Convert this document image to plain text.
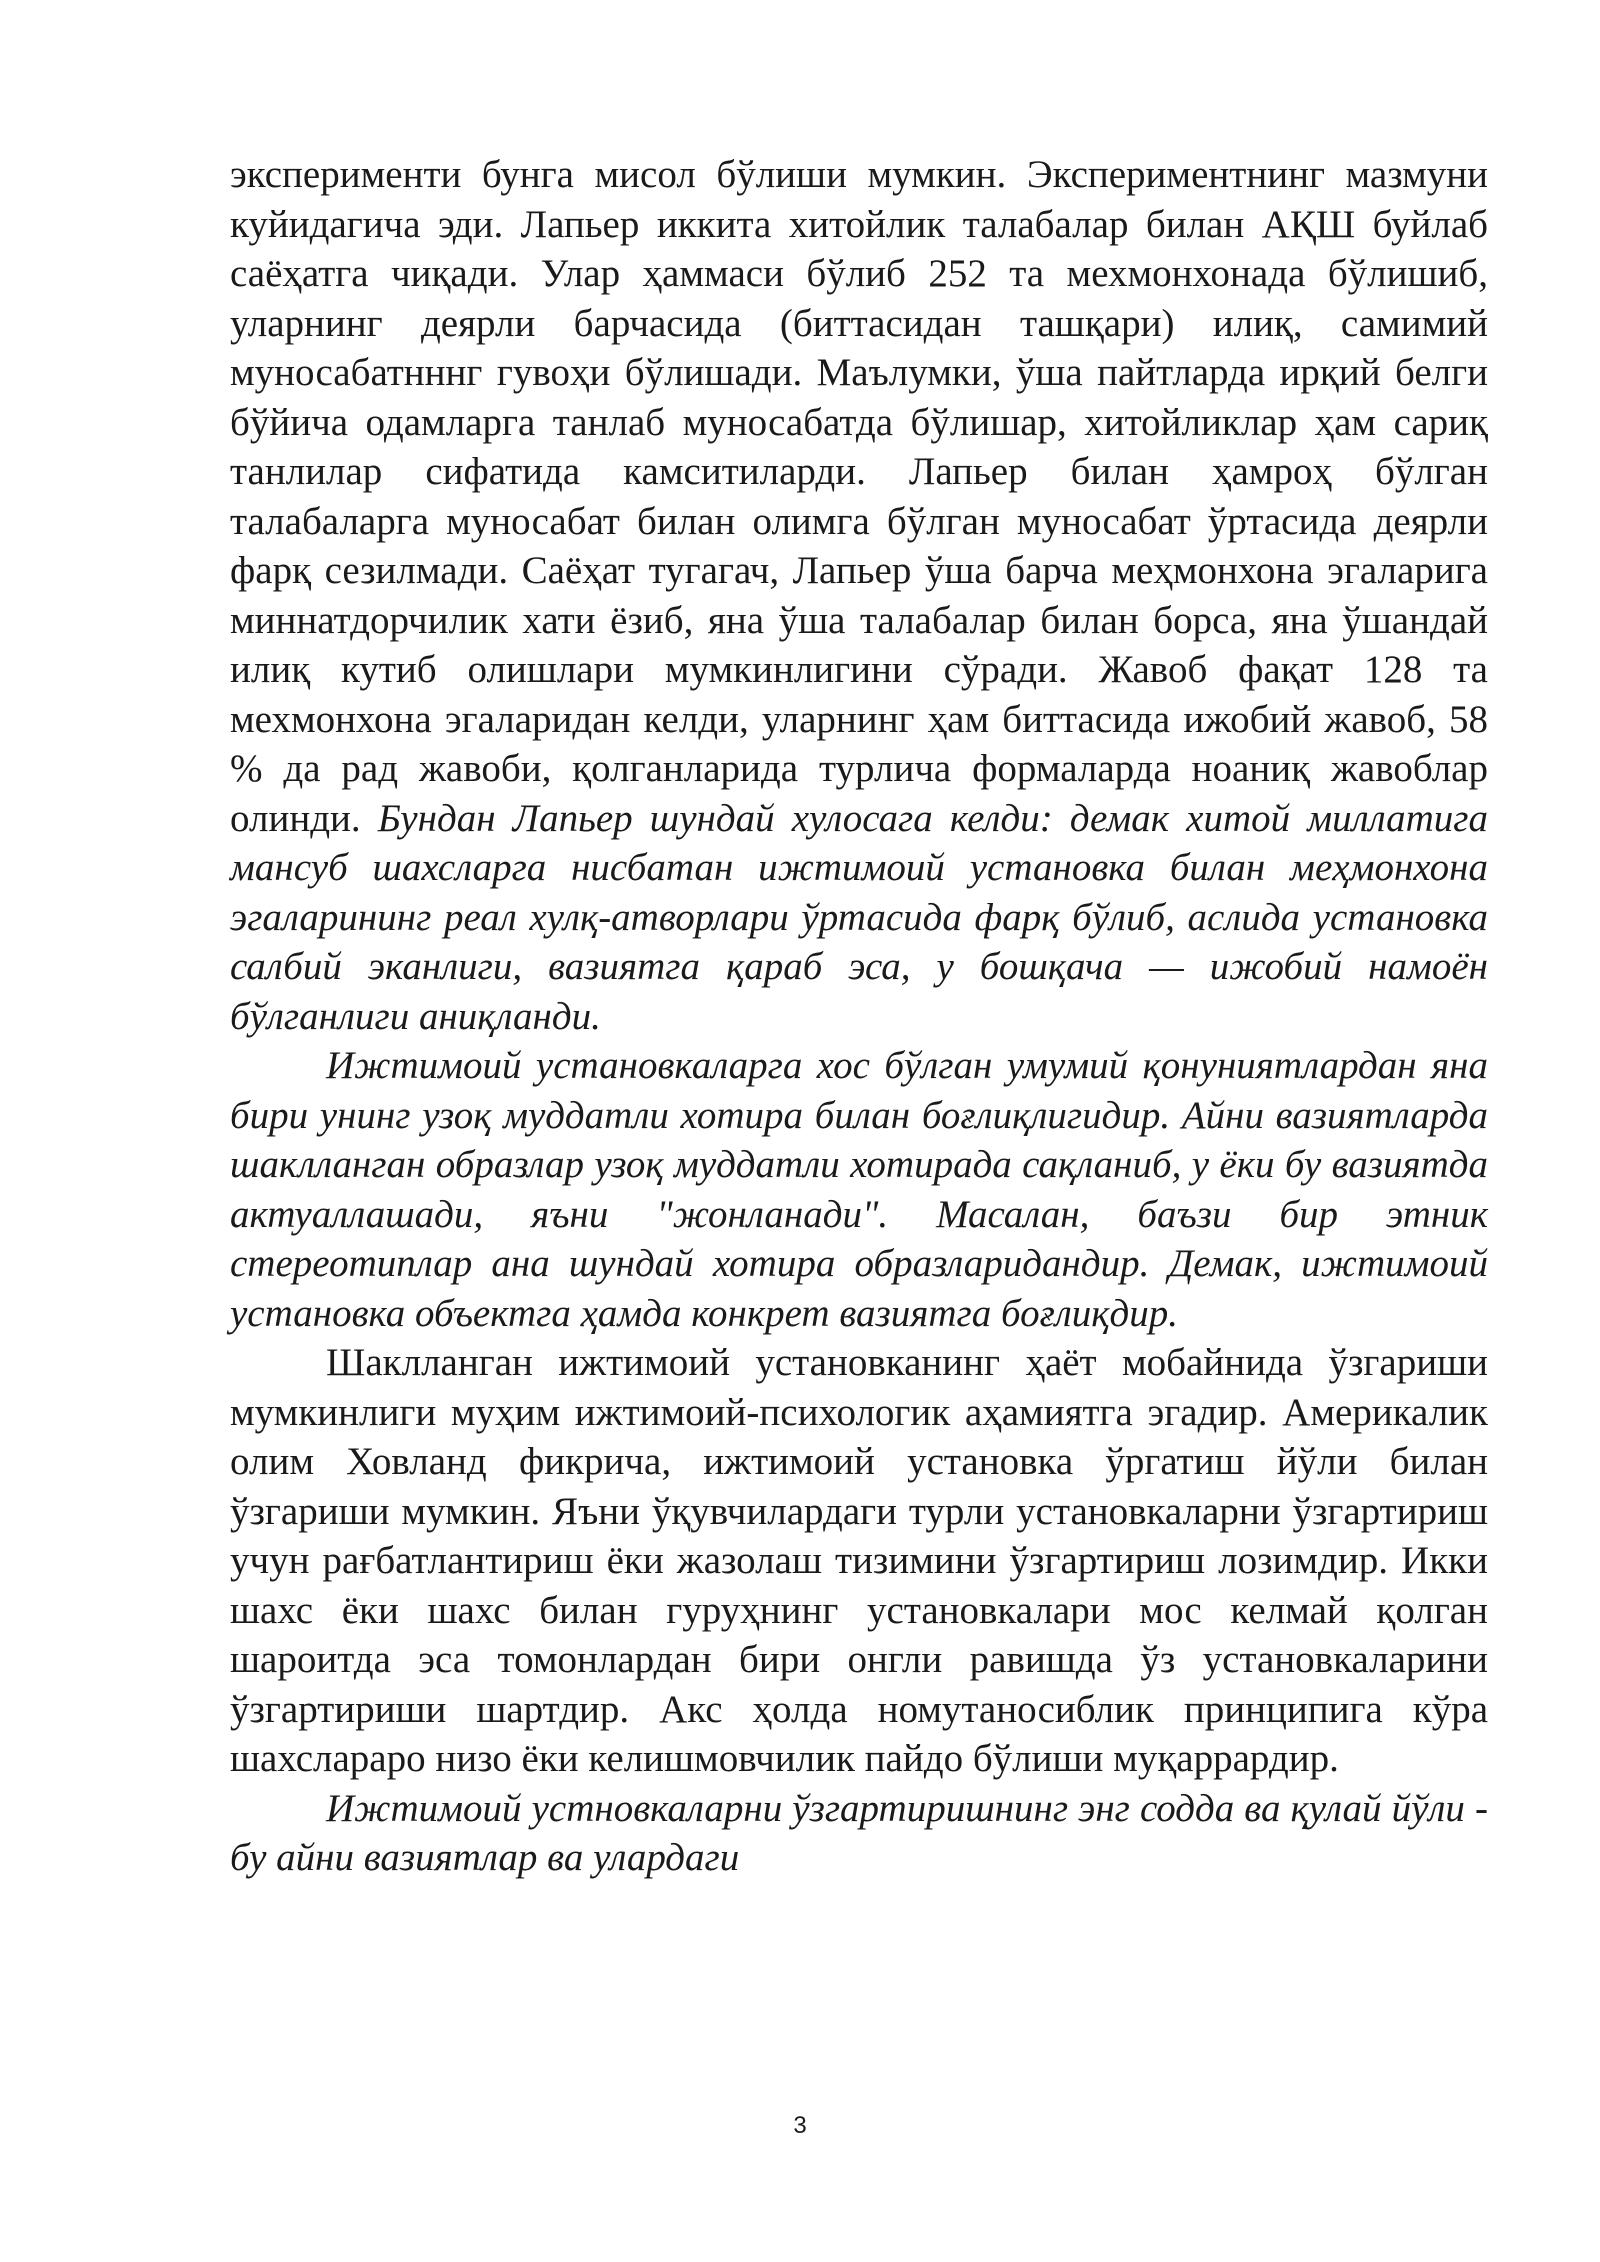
эксперименти бунга мисол бўлиши мумкин. Экспериментнинг мазмуни куйидагича эди. Лапьер иккита хитойлик талабалар билан АҚШ буйлаб саёҳатга чиқади. Улар ҳаммаси бўлиб 252 та мехмонхонада бўлишиб, уларнинг деярли барчасида (биттасидан ташқари) илиқ, самимий муносабатнннг гувоҳи бўлишади. Маълумки, ўша пайтларда ирқий белги бўйича одамларга танлаб муносабатда бўлишар, хитойликлар ҳам сариқ танлилар сифатида камситиларди. Лапьер билан ҳамроҳ бўлган талабаларга муносабат билан олимга бўлган муносабат ўртасида деярли фарқ сезилмади. Саёҳат тугагач, Лапьер ўша барча меҳмонхона эгаларига миннатдорчилик хати ёзиб, яна ўша талабалар билан борса, яна ўшандай илиқ кутиб олишлари мумкинлигини сўради. Жавоб фақат 128 та мехмонхона эгаларидан келди, уларнинг ҳам биттасида ижобий жавоб, 58 % да рад жавоби, қолганларида турлича формаларда ноаниқ жавоблар олинди. Бундан Лапьер шундай хулосага келди: демак хитой миллатига мансуб шахсларга нисбатан ижтимоий установка билан меҳмонхона эгаларининг реал хулқ-атворлари ўртасида фарқ бўлиб, аслида установка салбий эканлиги, вазиятга қараб эса, у бошқача — ижобий намоён бўлганлиги аниқланди.

Ижтимоий установкаларга хос бўлган умумий қонуниятлардан яна бири унинг узоқ муддатли хотира билан боғлиқлигидир. Айни вазиятларда шаклланган образлар узоқ муддатли хотирада сақланиб, у ёки бу вазиятда актуаллашади, яъни "жонланади". Масалан, баъзи бир этник стереотиплар ана шундай хотира образларидандир. Демак, ижтимоий установка объектга ҳамда конкрет вазиятга боғлиқдир.

Шаклланган ижтимоий установканинг ҳаёт мобайнида ўзгариши мумкинлиги муҳим ижтимоий-психологик аҳамиятга эгадир. Америкалик олим Ховланд фикрича, ижтимоий установка ўргатиш йўли билан ўзгариши мумкин. Яъни ўқувчилардаги турли установкаларни ўзгартириш учун рағбатлантириш ёки жазолаш тизимини ўзгартириш лозимдир. Икки шахс ёки шахс билан гуруҳнинг установкалари мос келмай қолган шароитда эса томонлардан бири онгли равишда ўз установкаларини ўзгартириши шартдир. Акс ҳолда номутаносиблик принципига кўра шахслараро низо ёки келишмовчилик пайдо бўлиши муқаррардир.

Ижтимоий устновкаларни ўзгартиришнинг энг содда ва қулай йўли - бу айни вазиятлар ва улардаги

3
